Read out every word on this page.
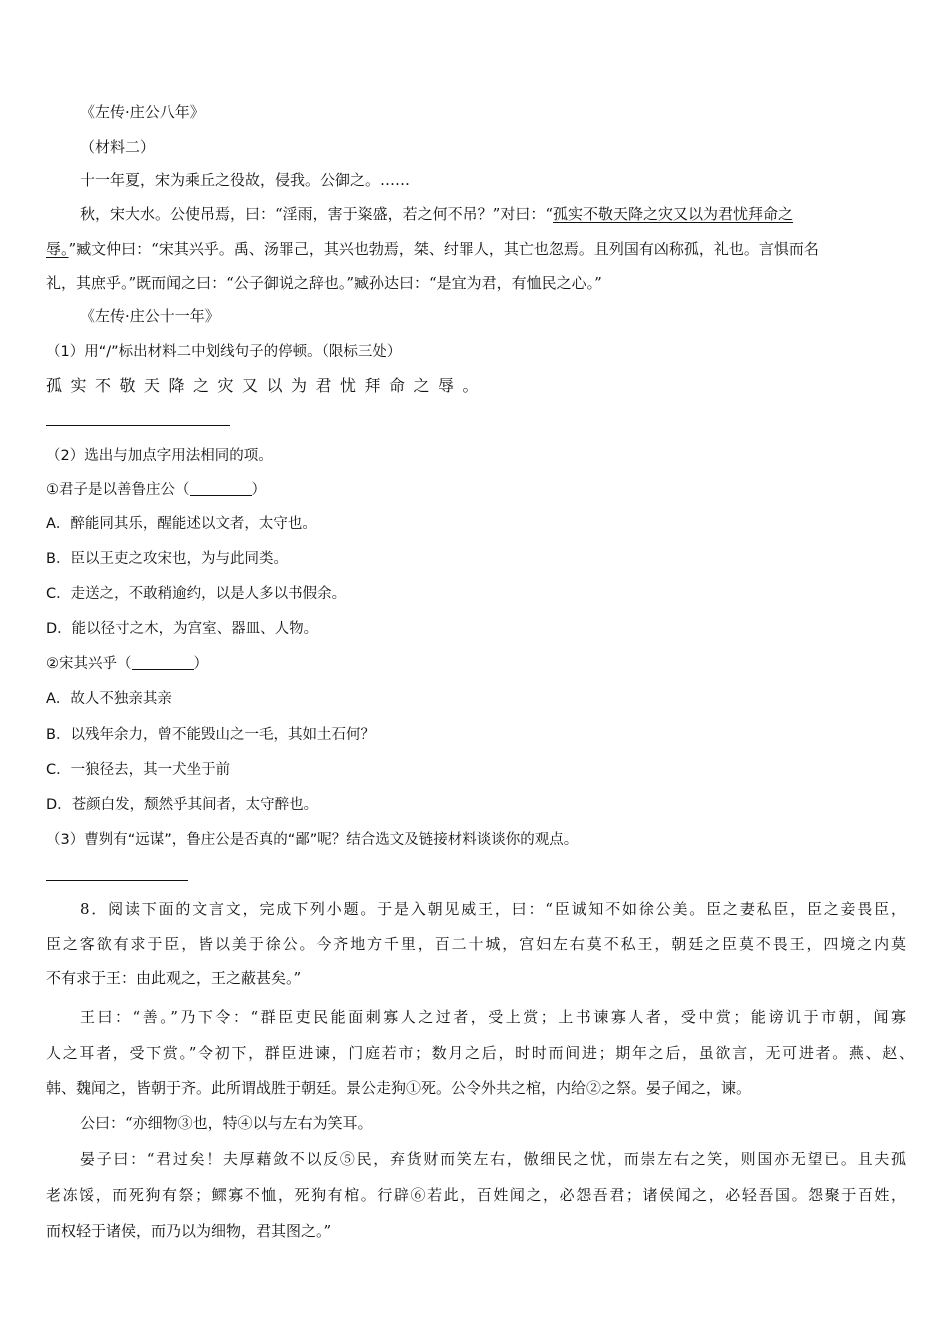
《左传·庄公八年》
（材料二）
十一年夏，宋为乘丘之役故，侵我。公御之。……
秋，宋大水。公使吊焉，曰：“淫雨，害于粢盛，若之何不吊？”对曰：“孤实不敬天降之灾又以为君忧拜命之
辱。”臧文仲曰：“宋其兴乎。禹、汤罪己，其兴也勃焉，桀、纣罪人，其亡也忽焉。且列国有凶称孤，礼也。言惧而名
礼，其庶乎。”既而闻之曰：“公子御说之辞也。”臧孙达曰：“是宜为君，有恤民之心。”
《左传·庄公十一年》
（1）用“/”标出材料二中划线句子的停顿。（限标三处）
孤实不敬天降之灾又以为君忧拜命之辱。
（2）选出与加点字用法相同的项。
①君子是以善鲁庄公（	）
A．醉能同其乐，醒能述以文者，太守也。
B．臣以王吏之攻宋也，为与此同类。
C．走送之，不敢稍逾约，以是人多以书假余。
D．能以径寸之木，为宫室、器皿、人物。
②宋其兴乎（	）
A．故人不独亲其亲
B．以残年余力，曾不能毁山之一毛，其如土石何？
C．一狼径去，其一犬坐于前
D．苍颜白发，颓然乎其间者，太守醉也。
（3）曹刿有“远谋”，鲁庄公是否真的“鄙”呢？结合选文及链接材料谈谈你的观点。
8．阅读下面的文言文，完成下列小题。于是入朝见威王，曰：“臣诚知不如徐公美。臣之妻私臣，臣之妾畏臣，
臣之客欲有求于臣，皆以美于徐公。今齐地方千里，百二十城，宫妇左右莫不私王，朝廷之臣莫不畏王，四境之内莫
不有求于王：由此观之，王之蔽甚矣。”
王曰：“善。”乃下令：“群臣吏民能面刺寡人之过者，受上赏；上书谏寡人者，受中赏；能谤讥于市朝，闻寡
人之耳者，受下赏。”令初下，群臣进谏，门庭若市；数月之后，时时而间进；期年之后，虽欲言，无可进者。燕、赵、
韩、魏闻之，皆朝于齐。此所谓战胜于朝廷。景公走狗①死。公令外共之棺，内给②之祭。晏子闻之，谏。
公曰：“亦细物③也，特④以与左右为笑耳。
晏子曰：“君过矣！夫厚藉敛不以反⑤民，弃货财而笑左右，傲细民之忧，而崇左右之笑，则国亦无望已。且夫孤
老冻馁，而死狗有祭；鳏寡不恤，死狗有棺。行辟⑥若此，百姓闻之，必怨吾君；诸侯闻之，必轻吾国。怨聚于百姓，
而权轻于诸侯，而乃以为细物，君其图之。”
